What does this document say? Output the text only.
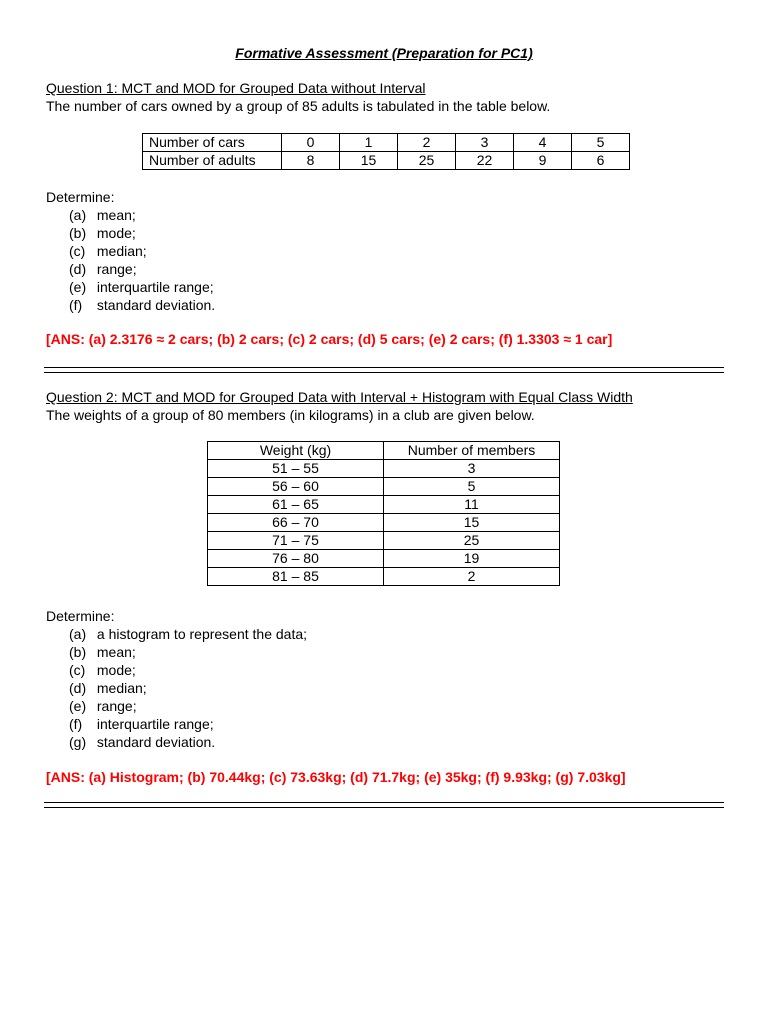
Formative Assessment (Preparation for PC1)
Question 1: MCT and MOD for Grouped Data without Interval
The number of cars owned by a group of 85 adults is tabulated in the table below.
Number of cars	0	1	2	3	4	5
Number of adults	8	15	25	22	9	6
Determine:
(a) mean;
(b) mode;
(c) median;
(d) range;
(e) interquartile range;
(f) standard deviation.
[ANS: (a) 2.3176 ≈ 2 cars; (b) 2 cars; (c) 2 cars; (d) 5 cars; (e) 2 cars; (f) 1.3303 ≈ 1 car]
Question 2: MCT and MOD for Grouped Data with Interval + Histogram with Equal Class Width
The weights of a group of 80 members (in kilograms) in a club are given below.
Weight (kg)	Number of members
51 – 55	3
56 – 60	5
61 – 65	11
66 – 70	15
71 – 75	25
76 – 80	19
81 – 85	2
Determine:
(a) a histogram to represent the data;
(b) mean;
(c) mode;
(d) median;
(e) range;
(f) interquartile range;
(g) standard deviation.
[ANS: (a) Histogram; (b) 70.44kg; (c) 73.63kg; (d) 71.7kg; (e) 35kg; (f) 9.93kg; (g) 7.03kg]
